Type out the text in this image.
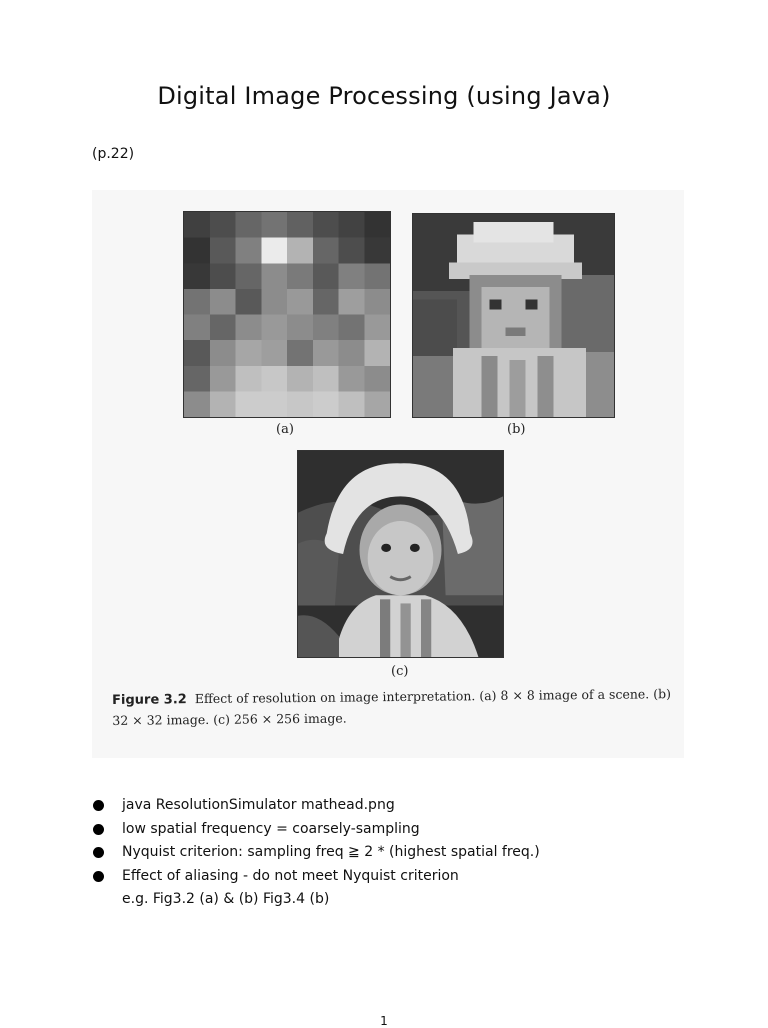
Digital Image Processing (using Java)
(p.22)
(a)	(b)
(c)
Figure 3.2 Effect of resolution on image interpretation. (a) 8 × 8 image of a scene. (b) 32 × 32 image. (c) 256 × 256 image.
java ResolutionSimulator mathead.png
low spatial frequency = coarsely-sampling
Nyquist criterion: sampling freq ≧ 2 * (highest spatial freq.)
Effect of aliasing - do not meet Nyquist criterion
e.g. Fig3.2 (a) & (b) Fig3.4 (b)
1
